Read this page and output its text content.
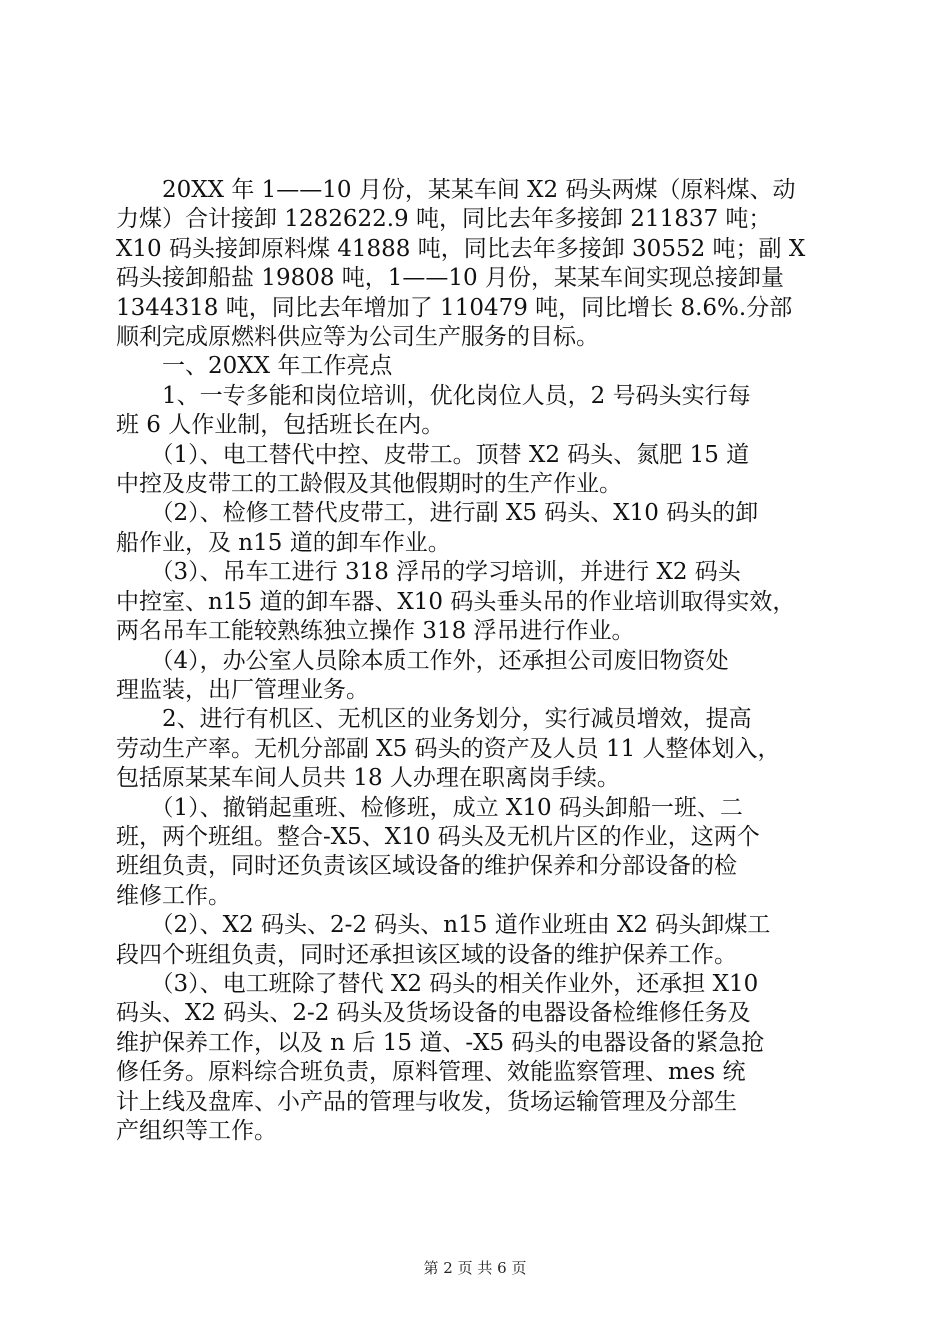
　　20XX 年 1——10 月份，某某车间 X2 码头两煤（原料煤、动

力煤）合计接卸 1282622.9 吨，同比去年多接卸 211837 吨；

X10 码头接卸原料煤 41888 吨，同比去年多接卸 30552 吨；副 X

码头接卸船盐 19808 吨，1——10 月份，某某车间实现总接卸量

1344318 吨，同比去年增加了 110479 吨，同比增长 8.6%.分部

顺利完成原燃料供应等为公司生产服务的目标。

　　一、20XX 年工作亮点

　　1、一专多能和岗位培训，优化岗位人员，2 号码头实行每

班 6 人作业制，包括班长在内。

　　（1）、电工替代中控、皮带工。顶替 X2 码头、氮肥 15 道

中控及皮带工的工龄假及其他假期时的生产作业。

　　（2）、检修工替代皮带工，进行副 X5 码头、X10 码头的卸

船作业，及 n15 道的卸车作业。

　　（3）、吊车工进行 318 浮吊的学习培训，并进行 X2 码头

中控室、n15 道的卸车器、X10 码头垂头吊的作业培训取得实效，

两名吊车工能较熟练独立操作 318 浮吊进行作业。

　　（4），办公室人员除本质工作外，还承担公司废旧物资处

理监装，出厂管理业务。

　　2、进行有机区、无机区的业务划分，实行减员增效，提高

劳动生产率。无机分部副 X5 码头的资产及人员 11 人整体划入，

包括原某某车间人员共 18 人办理在职离岗手续。

　　（1）、撤销起重班、检修班，成立 X10 码头卸船一班、二

班，两个班组。整合-X5、X10 码头及无机片区的作业，这两个

班组负责，同时还负责该区域设备的维护保养和分部设备的检

维修工作。

　　（2）、X2 码头、2-2 码头、n15 道作业班由 X2 码头卸煤工

段四个班组负责，同时还承担该区域的设备的维护保养工作。

　　（3）、电工班除了替代 X2 码头的相关作业外，还承担 X10

码头、X2 码头、2-2 码头及货场设备的电器设备检维修任务及

维护保养工作，以及 n 后 15 道、-X5 码头的电器设备的紧急抢

修任务。原料综合班负责，原料管理、效能监察管理、mes 统

计上线及盘库、小产品的管理与收发，货场运输管理及分部生

产组织等工作。

第 2 页 共 6 页
